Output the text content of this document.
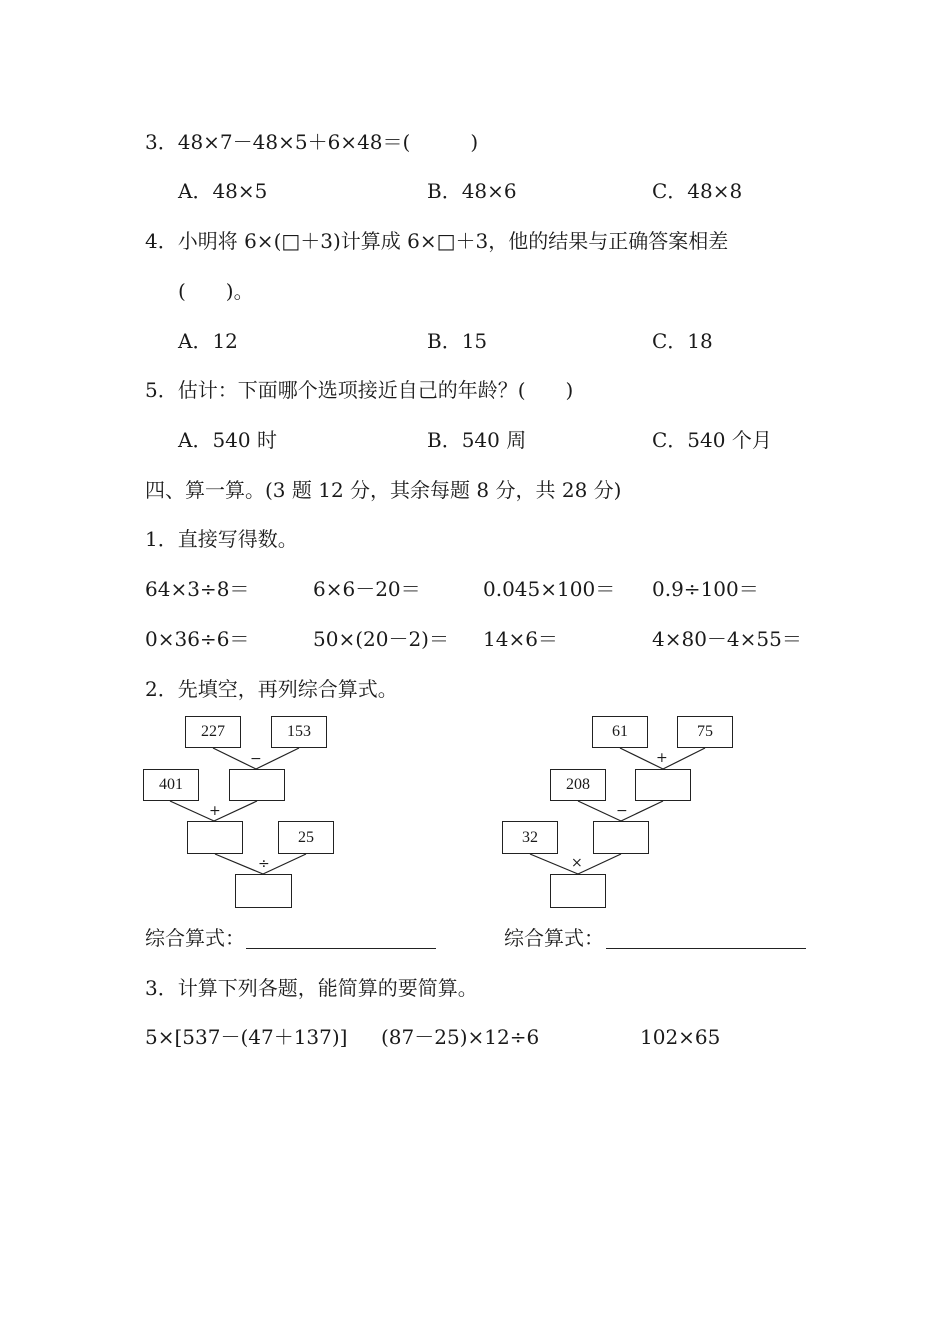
3．48×7－48×5＋6×48＝(　　　)
A．48×5	B．48×6	C．48×8
4．小明将 6×(□＋3)计算成 6×□＋3，他的结果与正确答案相差
(　　)。
A．12	B．15	C．18
5．估计：下面哪个选项接近自己的年龄？(　　)
A．540 时	B．540 周	C．540 个月
四、算一算。(3 题 12 分，其余每题 8 分，共 28 分)
1．直接写得数。
64×3÷8＝	6×6－20＝	0.045×100＝ 0.9÷100＝
0×36÷6＝	50×(20－2)＝ 14×6＝	4×80－4×55＝
2．先填空，再列综合算式。
227	153
401
25
−
+
÷
61	75
208
32
+
−
×
综合算式：	综合算式：
3．计算下列各题，能简算的要简算。
5×[537－(47＋137)] (87－25)×12÷6	102×65
